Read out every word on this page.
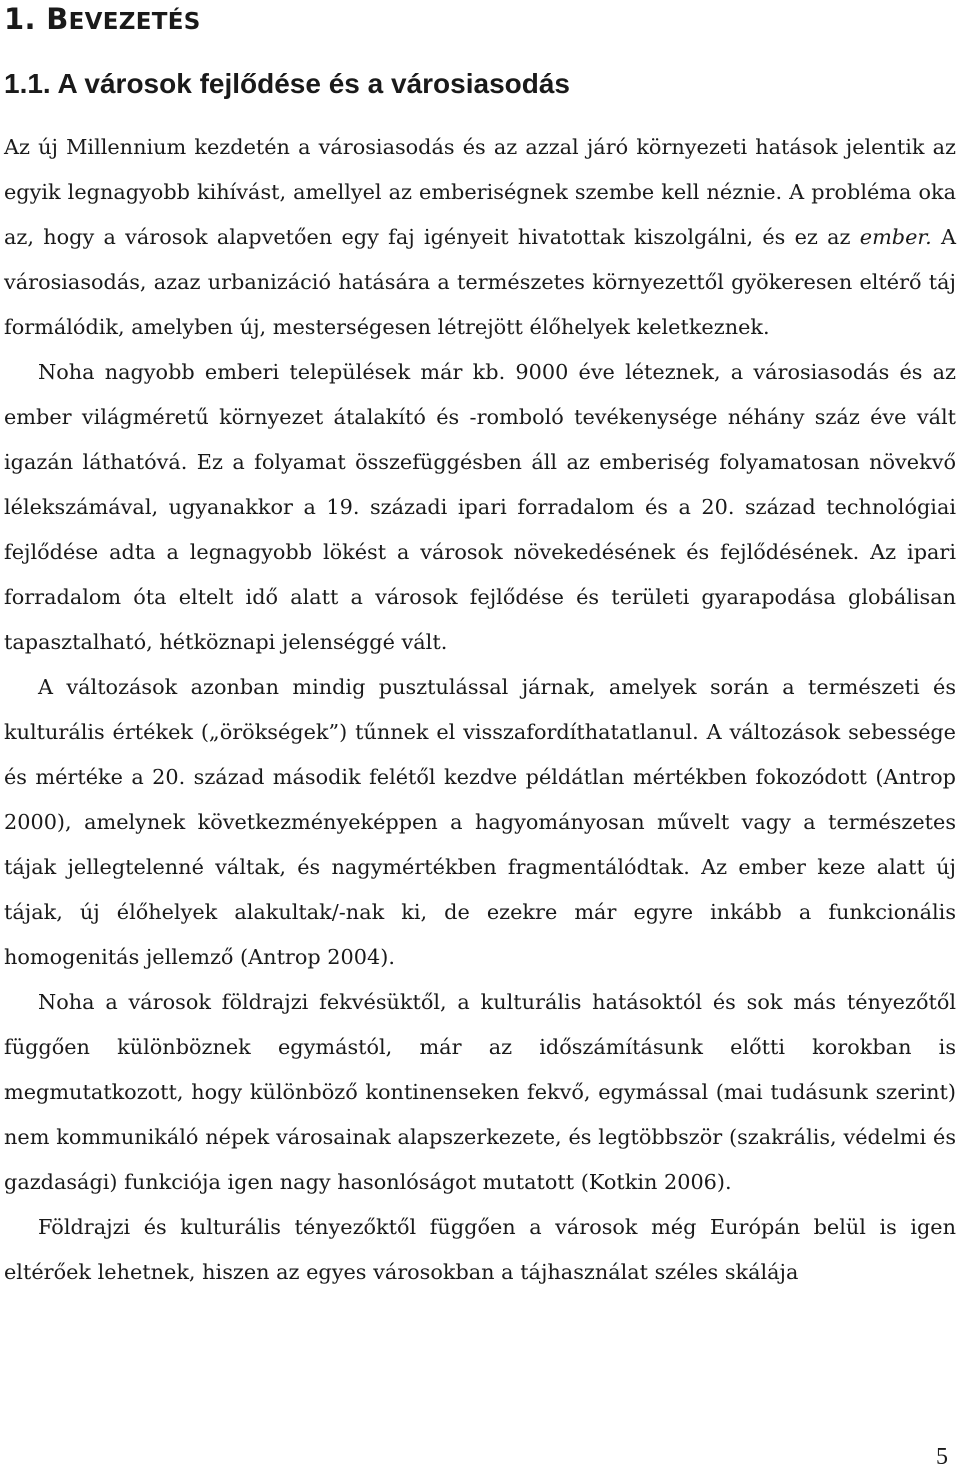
1. BEVEZETÉS
1.1. A városok fejlődése és a városiasodás

Az új Millennium kezdetén a városiasodás és az azzal járó környezeti hatások jelentik az egyik legnagyobb kihívást, amellyel az emberiségnek szembe kell néznie. A probléma oka az, hogy a városok alapvetően egy faj igényeit hivatottak kiszolgálni, és ez az ember. A városiasodás, azaz urbanizáció hatására a természetes környezettől gyökeresen eltérő táj formálódik, amelyben új, mesterségesen létrejött élőhelyek keletkeznek.

Noha nagyobb emberi települések már kb. 9000 éve léteznek, a városiasodás és az ember világméretű környezet átalakító és -romboló tevékenysége néhány száz éve vált igazán láthatóvá. Ez a folyamat összefüggésben áll az emberiség folyamatosan növekvő lélekszámával, ugyanakkor a 19. századi ipari forradalom és a 20. század technológiai fejlődése adta a legnagyobb lökést a városok növekedésének és fejlődésének. Az ipari forradalom óta eltelt idő alatt a városok fejlődése és területi gyarapodása globálisan tapasztalható, hétköznapi jelenséggé vált.

A változások azonban mindig pusztulással járnak, amelyek során a természeti és kulturális értékek („örökségek”) tűnnek el visszafordíthatatlanul. A változások sebessége és mértéke a 20. század második felétől kezdve példátlan mértékben fokozódott (Antrop 2000), amelynek következményeképpen a hagyományosan művelt vagy a természetes tájak jellegtelenné váltak, és nagymértékben fragmentálódtak. Az ember keze alatt új tájak, új élőhelyek alakultak/-nak ki, de ezekre már egyre inkább a funkcionális homogenitás jellemző (Antrop 2004).

Noha a városok földrajzi fekvésüktől, a kulturális hatásoktól és sok más tényezőtől függően különböznek egymástól, már az időszámításunk előtti korokban is megmutatkozott, hogy különböző kontinenseken fekvő, egymással (mai tudásunk szerint) nem kommunikáló népek városainak alapszerkezete, és legtöbbször (szakrális, védelmi és gazdasági) funkciója igen nagy hasonlóságot mutatott (Kotkin 2006).

Földrajzi és kulturális tényezőktől függően a városok még Európán belül is igen eltérőek lehetnek, hiszen az egyes városokban a tájhasználat széles skálája

5
